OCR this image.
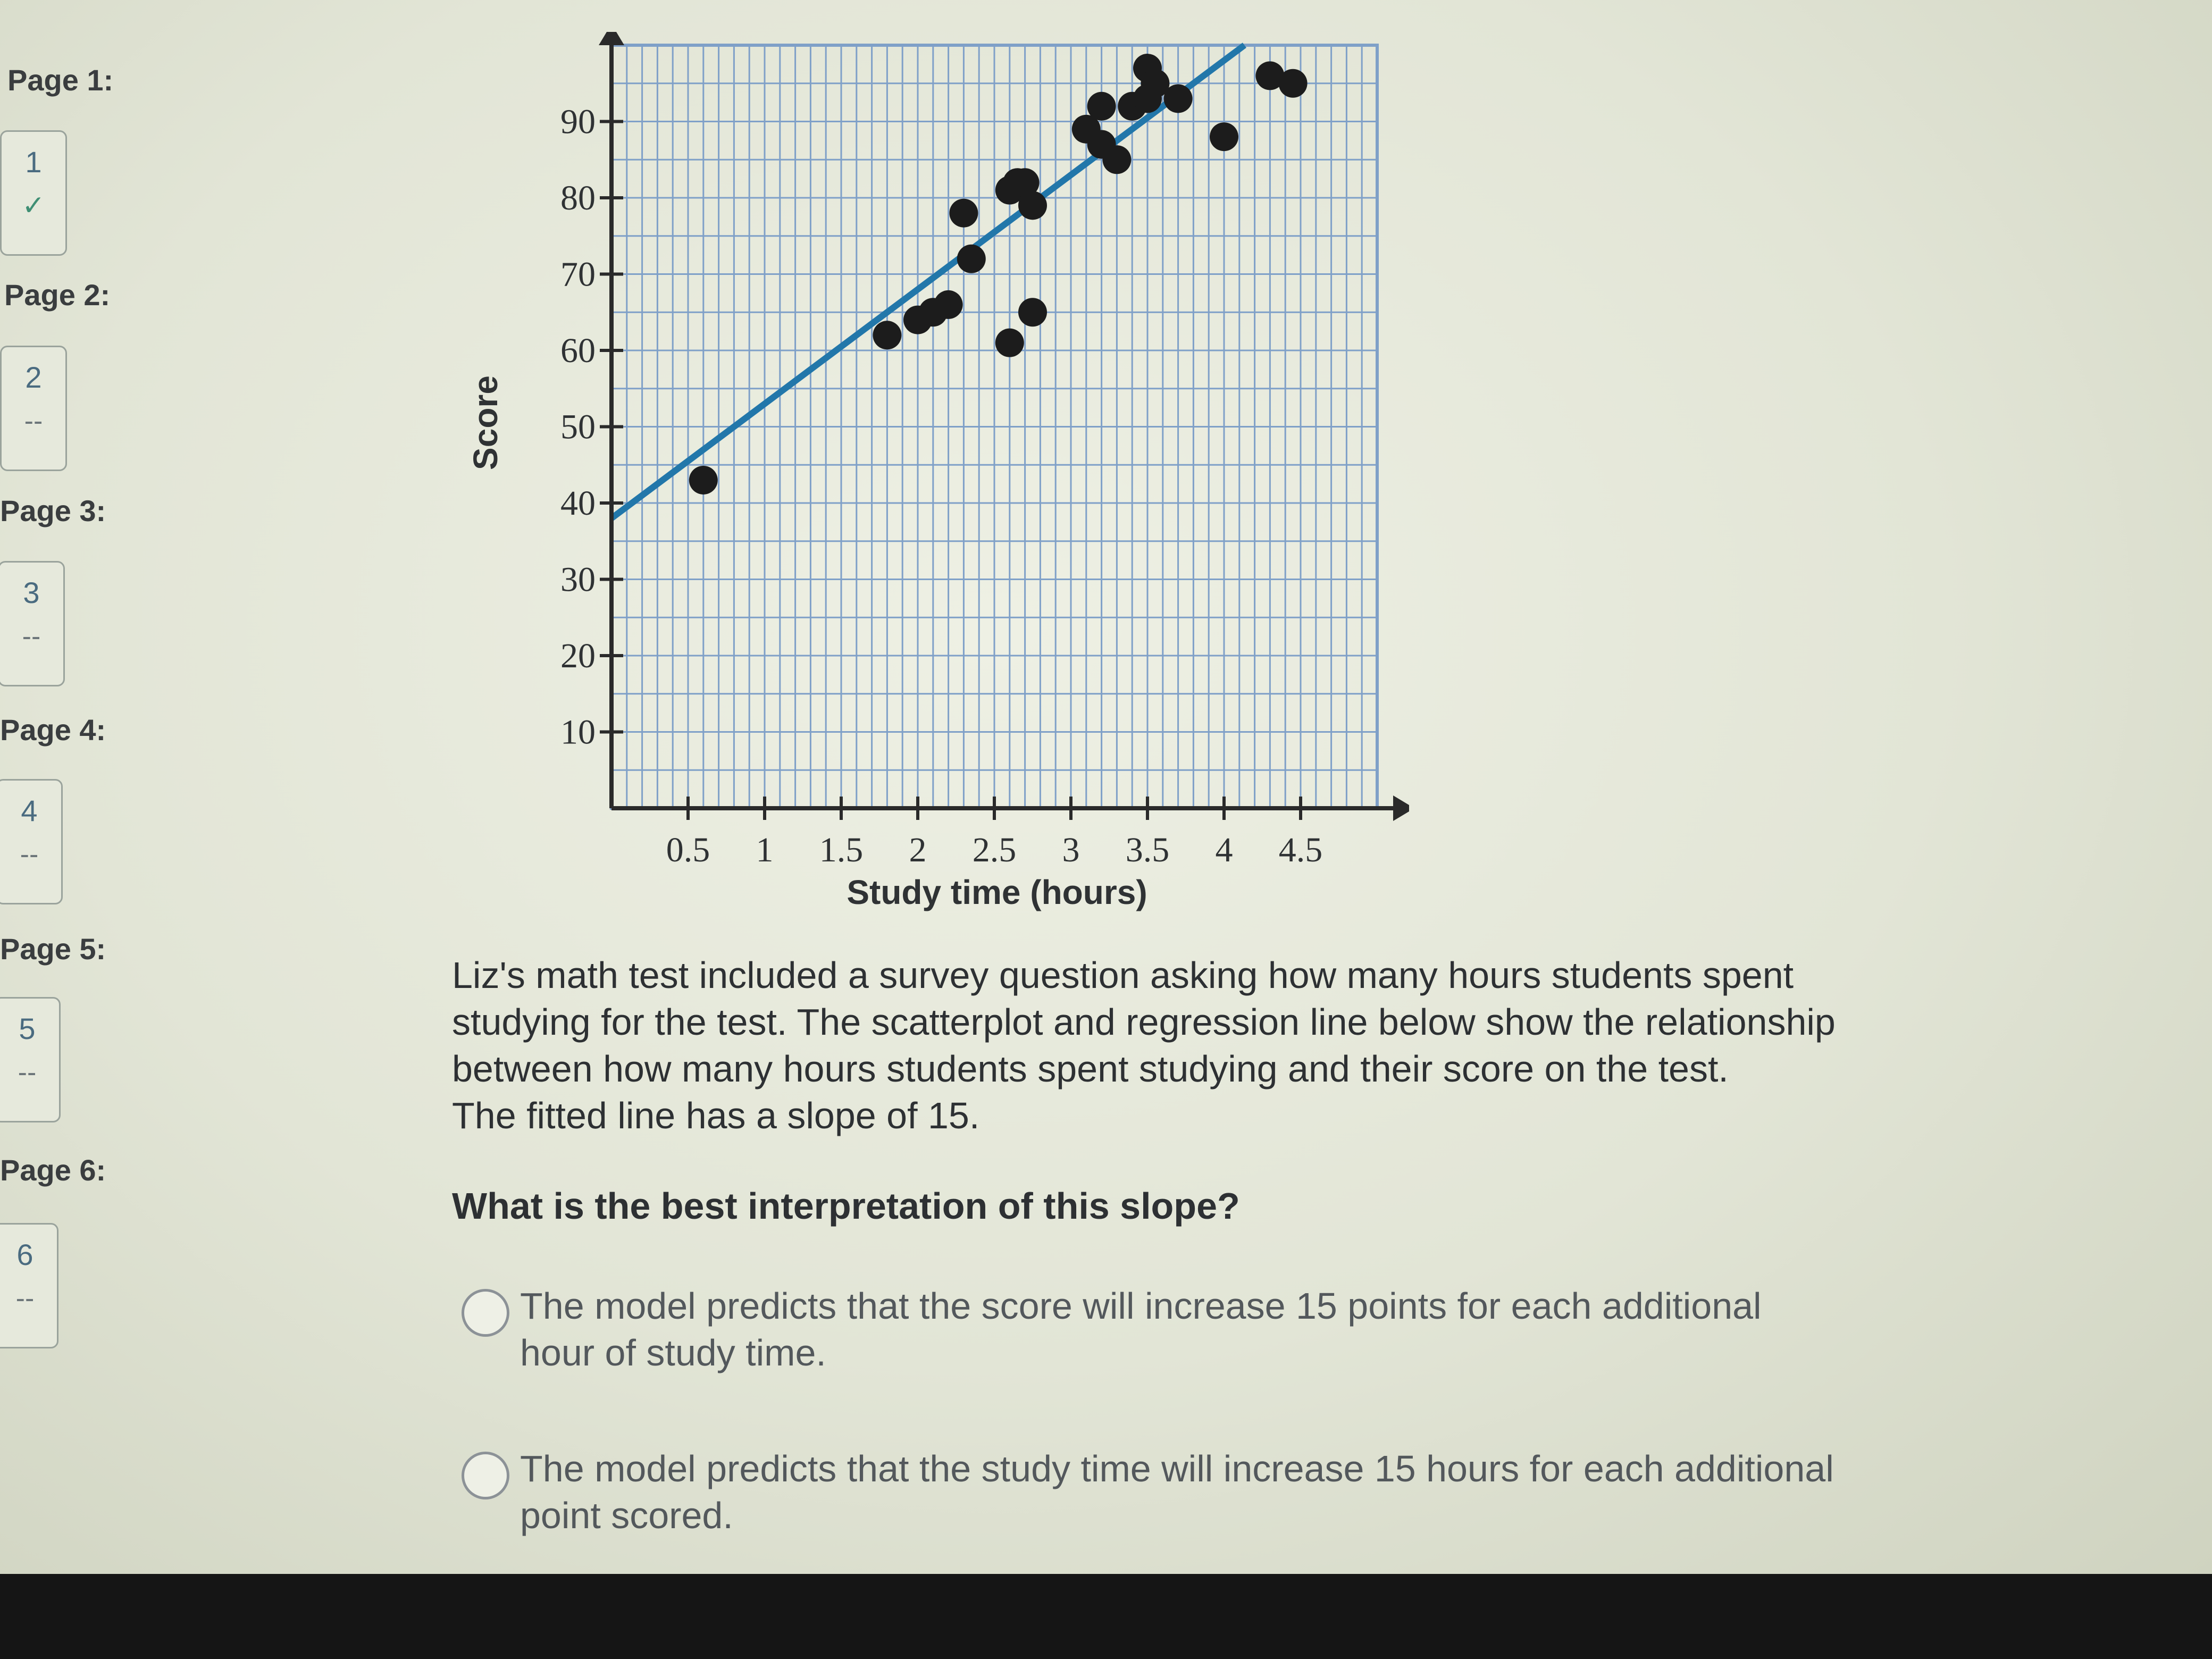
Page 1:
1
✓
Page 2:
2
--
Page 3:
3
--
Page 4:
4
--
Page 5:
5
--
Page 6:
6
--
0.5 1 1.5 2 2.5 3 3.5 4 4.5
10
20
30
40
50
60
70
80
90
Study time (hours)
Score
Liz's math test included a survey question asking how many hours students spent
studying for the test. The scatterplot and regression line below show the relationship
between how many hours students spent studying and their score on the test.
The fitted line has a slope of 15.
What is the best interpretation of this slope?
The model predicts that the score will increase 15 points for each additional
hour of study time.
The model predicts that the study time will increase 15 hours for each additional
point scored.
